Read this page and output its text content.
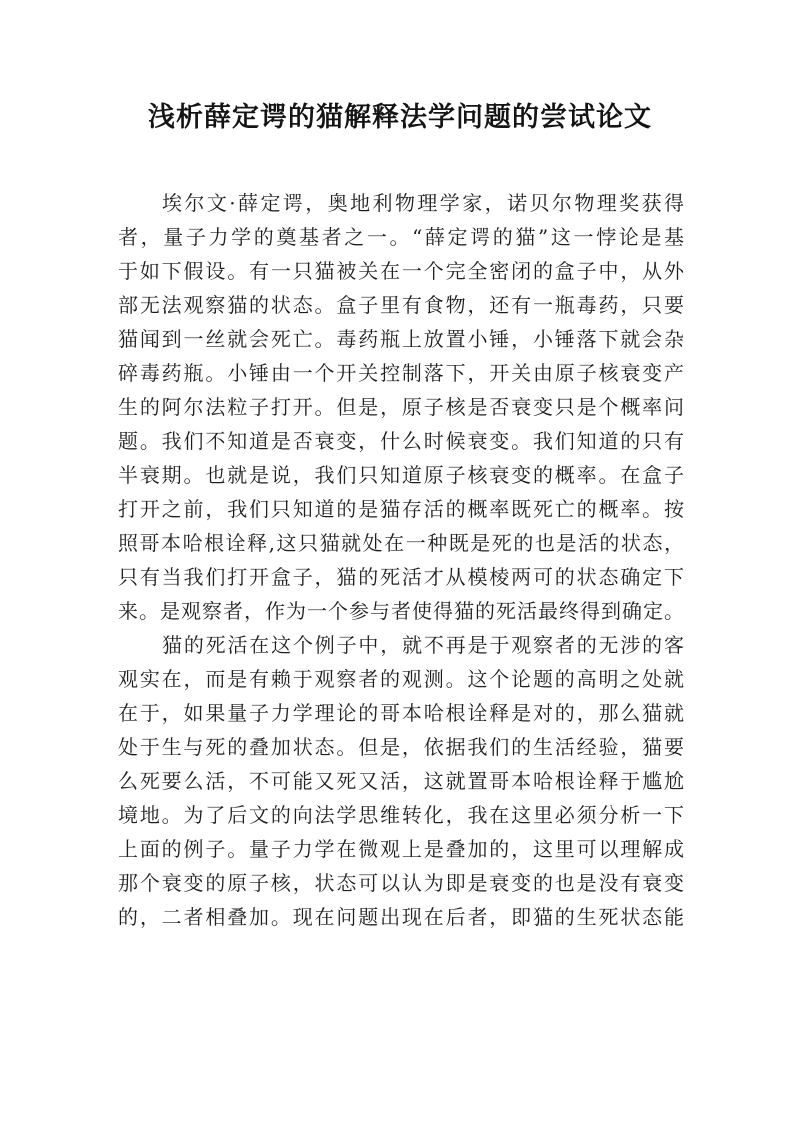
浅析薛定谔的猫解释法学问题的尝试论文
埃尔文·薛定谔，奥地利物理学家，诺贝尔物理奖获得
者，量子力学的奠基者之一。“薛定谔的猫”这一悖论是基
于如下假设。有一只猫被关在一个完全密闭的盒子中，从外
部无法观察猫的状态。盒子里有食物，还有一瓶毒药，只要
猫闻到一丝就会死亡。毒药瓶上放置小锤，小锤落下就会杂
碎毒药瓶。小锤由一个开关控制落下，开关由原子核衰变产
生的阿尔法粒子打开。但是，原子核是否衰变只是个概率问
题。我们不知道是否衰变，什么时候衰变。我们知道的只有
半衰期。也就是说，我们只知道原子核衰变的概率。在盒子
打开之前，我们只知道的是猫存活的概率既死亡的概率。按
照哥本哈根诠释,这只猫就处在一种既是死的也是活的状态，
只有当我们打开盒子，猫的死活才从模棱两可的状态确定下
来。是观察者，作为一个参与者使得猫的死活最终得到确定。
猫的死活在这个例子中，就不再是于观察者的无涉的客
观实在，而是有赖于观察者的观测。这个论题的高明之处就
在于，如果量子力学理论的哥本哈根诠释是对的，那么猫就
处于生与死的叠加状态。但是，依据我们的生活经验，猫要
么死要么活，不可能又死又活，这就置哥本哈根诠释于尴尬
境地。为了后文的向法学思维转化，我在这里必须分析一下
上面的例子。量子力学在微观上是叠加的，这里可以理解成
那个衰变的原子核，状态可以认为即是衰变的也是没有衰变
的，二者相叠加。现在问题出现在后者，即猫的生死状态能
